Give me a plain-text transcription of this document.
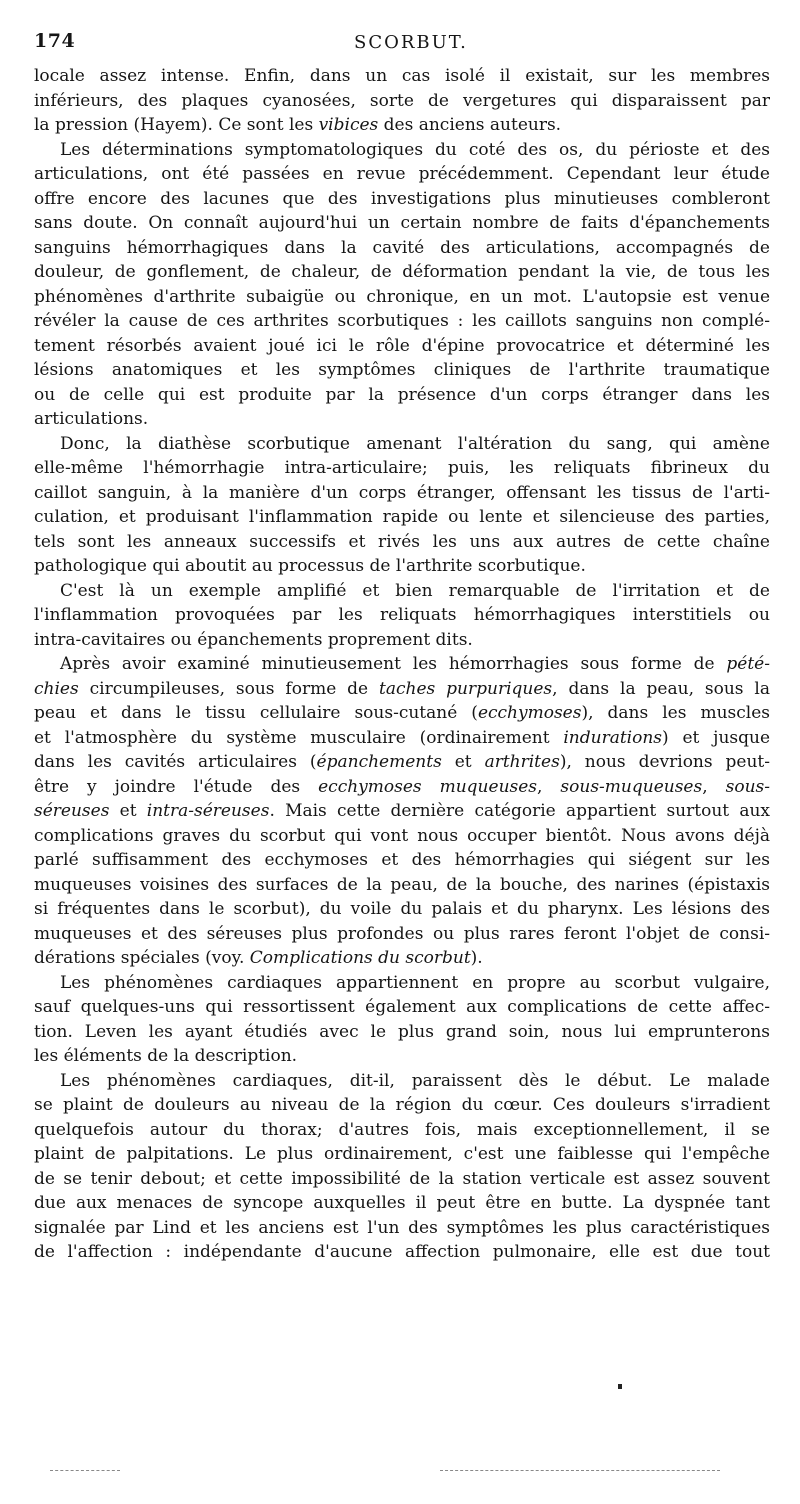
174	SCORBUT.
locale assez intense. Enfin, dans un cas isolé il existait, sur les membres
inférieurs, des plaques cyanosées, sorte de vergetures qui disparaissent par
la pression (Hayem). Ce sont les vibices des anciens auteurs.
Les déterminations symptomatologiques du coté des os, du périoste et des
articulations, ont été passées en revue précédemment. Cependant leur étude
offre encore des lacunes que des investigations plus minutieuses combleront
sans doute. On connaît aujourd'hui un certain nombre de faits d'épanchements
sanguins hémorrhagiques dans la cavité des articulations, accompagnés de
douleur, de gonflement, de chaleur, de déformation pendant la vie, de tous les
phénomènes d'arthrite subaigüe ou chronique, en un mot. L'autopsie est venue
révéler la cause de ces arthrites scorbutiques : les caillots sanguins non complé-
tement résorbés avaient joué ici le rôle d'épine provocatrice et déterminé les
lésions anatomiques et les symptômes cliniques de l'arthrite traumatique
ou de celle qui est produite par la présence d'un corps étranger dans les
articulations.
Donc, la diathèse scorbutique amenant l'altération du sang, qui amène
elle-même l'hémorrhagie intra-articulaire; puis, les reliquats fibrineux du
caillot sanguin, à la manière d'un corps étranger, offensant les tissus de l'arti-
culation, et produisant l'inflammation rapide ou lente et silencieuse des parties,
tels sont les anneaux successifs et rivés les uns aux autres de cette chaîne
pathologique qui aboutit au processus de l'arthrite scorbutique.
C'est là un exemple amplifié et bien remarquable de l'irritation et de
l'inflammation provoquées par les reliquats hémorrhagiques interstitiels ou
intra-cavitaires ou épanchements proprement dits.
Après avoir examiné minutieusement les hémorrhagies sous forme de pété-
chies circumpileuses, sous forme de taches purpuriques, dans la peau, sous la
peau et dans le tissu cellulaire sous-cutané (ecchymoses), dans les muscles
et l'atmosphère du système musculaire (ordinairement indurations) et jusque
dans les cavités articulaires (épanchements et arthrites), nous devrions peut-
être y joindre l'étude des ecchymoses muqueuses, sous-muqueuses, sous-
séreuses et intra-séreuses. Mais cette dernière catégorie appartient surtout aux
complications graves du scorbut qui vont nous occuper bientôt. Nous avons déjà
parlé suffisamment des ecchymoses et des hémorrhagies qui siégent sur les
muqueuses voisines des surfaces de la peau, de la bouche, des narines (épistaxis
si fréquentes dans le scorbut), du voile du palais et du pharynx. Les lésions des
muqueuses et des séreuses plus profondes ou plus rares feront l'objet de consi-
dérations spéciales (voy. Complications du scorbut).
Les phénomènes cardiaques appartiennent en propre au scorbut vulgaire,
sauf quelques-uns qui ressortissent également aux complications de cette affec-
tion. Leven les ayant étudiés avec le plus grand soin, nous lui emprunterons
les éléments de la description.
Les phénomènes cardiaques, dit-il, paraissent dès le début. Le malade
se plaint de douleurs au niveau de la région du cœur. Ces douleurs s'irradient
quelquefois autour du thorax; d'autres fois, mais exceptionnellement, il se
plaint de palpitations. Le plus ordinairement, c'est une faiblesse qui l'empêche
de se tenir debout; et cette impossibilité de la station verticale est assez souvent
due aux menaces de syncope auxquelles il peut être en butte. La dyspnée tant
signalée par Lind et les anciens est l'un des symptômes les plus caractéristiques
de l'affection : indépendante d'aucune affection pulmonaire, elle est due tout
